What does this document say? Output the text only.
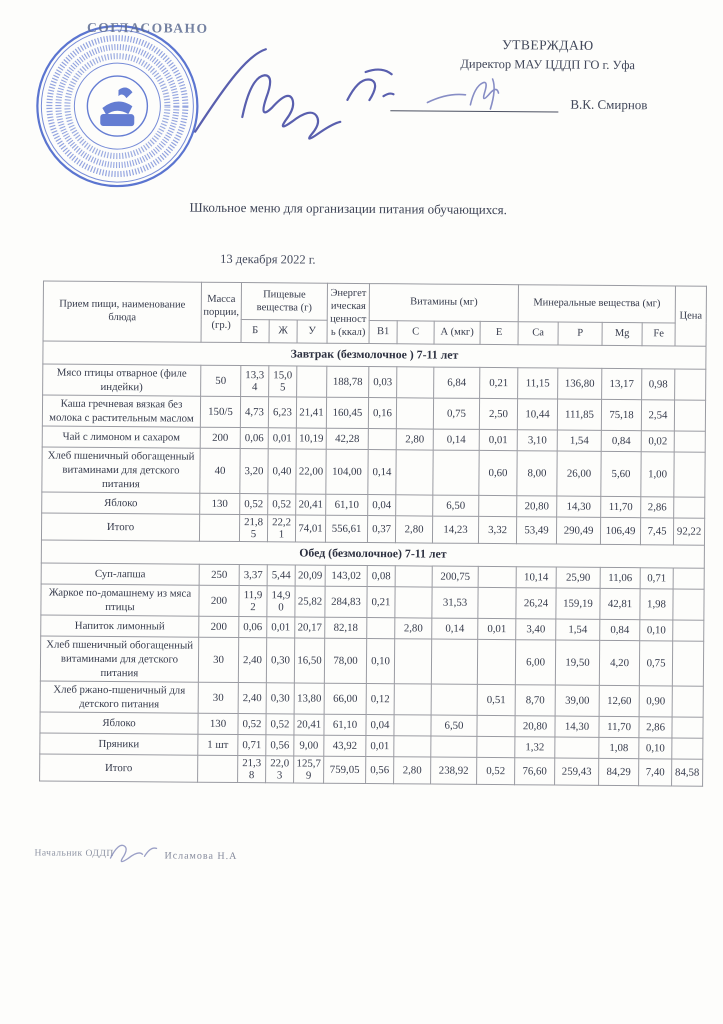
СОГЛАСОВАНО
УТВЕРЖДАЮ
Директор МАУ ЦДДП ГО г. Уфа
В.К. Смирнов
Школьное меню для организации питания обучающихся.
13 декабря 2022 г.
Прием пищи, наименование блюда	Масса порции, (гр.)	Пищевые вещества (г)			Энергетическая ценность (ккал)	Витамины (мг)				Минеральные вещества (мг)				Цена
		Б	Ж	У		В1	С	А (мкг)	Е	Са	Р	Mg	Fe	
Завтрак (безмолочное ) 7-11 лет														
Мясо птицы отварное (филе индейки)	50	13,34	15,05		188,78	0,03		6,84	0,21	11,15	136,80	13,17	0,98	
Каша гречневая вязкая без молока с растительным маслом	150/5	4,73	6,23	21,41	160,45	0,16		0,75	2,50	10,44	111,85	75,18	2,54	
Чай с лимоном и сахаром	200	0,06	0,01	10,19	42,28		2,80	0,14	0,01	3,10	1,54	0,84	0,02	
Хлеб пшеничный обогащенный витаминами для детского питания	40	3,20	0,40	22,00	104,00	0,14			0,60	8,00	26,00	5,60	1,00	
Яблоко	130	0,52	0,52	20,41	61,10	0,04		6,50		20,80	14,30	11,70	2,86	
Итого		21,85	22,21	74,01	556,61	0,37	2,80	14,23	3,32	53,49	290,49	106,49	7,45	92,22
Обед (безмолочное) 7-11 лет														
Суп-лапша	250	3,37	5,44	20,09	143,02	0,08		200,75		10,14	25,90	11,06	0,71	
Жаркое по-домашнему из мяса птицы	200	11,92	14,90	25,82	284,83	0,21		31,53		26,24	159,19	42,81	1,98	
Напиток лимонный	200	0,06	0,01	20,17	82,18		2,80	0,14	0,01	3,40	1,54	0,84	0,10	
Хлеб пшеничный обогащенный витаминами для детского питания	30	2,40	0,30	16,50	78,00	0,10				6,00	19,50	4,20	0,75	
Хлеб ржано-пшеничный для детского питания	30	2,40	0,30	13,80	66,00	0,12			0,51	8,70	39,00	12,60	0,90	
Яблоко	130	0,52	0,52	20,41	61,10	0,04		6,50		20,80	14,30	11,70	2,86	
Пряники	1 шт	0,71	0,56	9,00	43,92	0,01				1,32		1,08	0,10	
Итого		21,38	22,03	125,79	759,05	0,56	2,80	238,92	0,52	76,60	259,43	84,29	7,40	84,58
Начальник ОДДП	Исламова Н.А
